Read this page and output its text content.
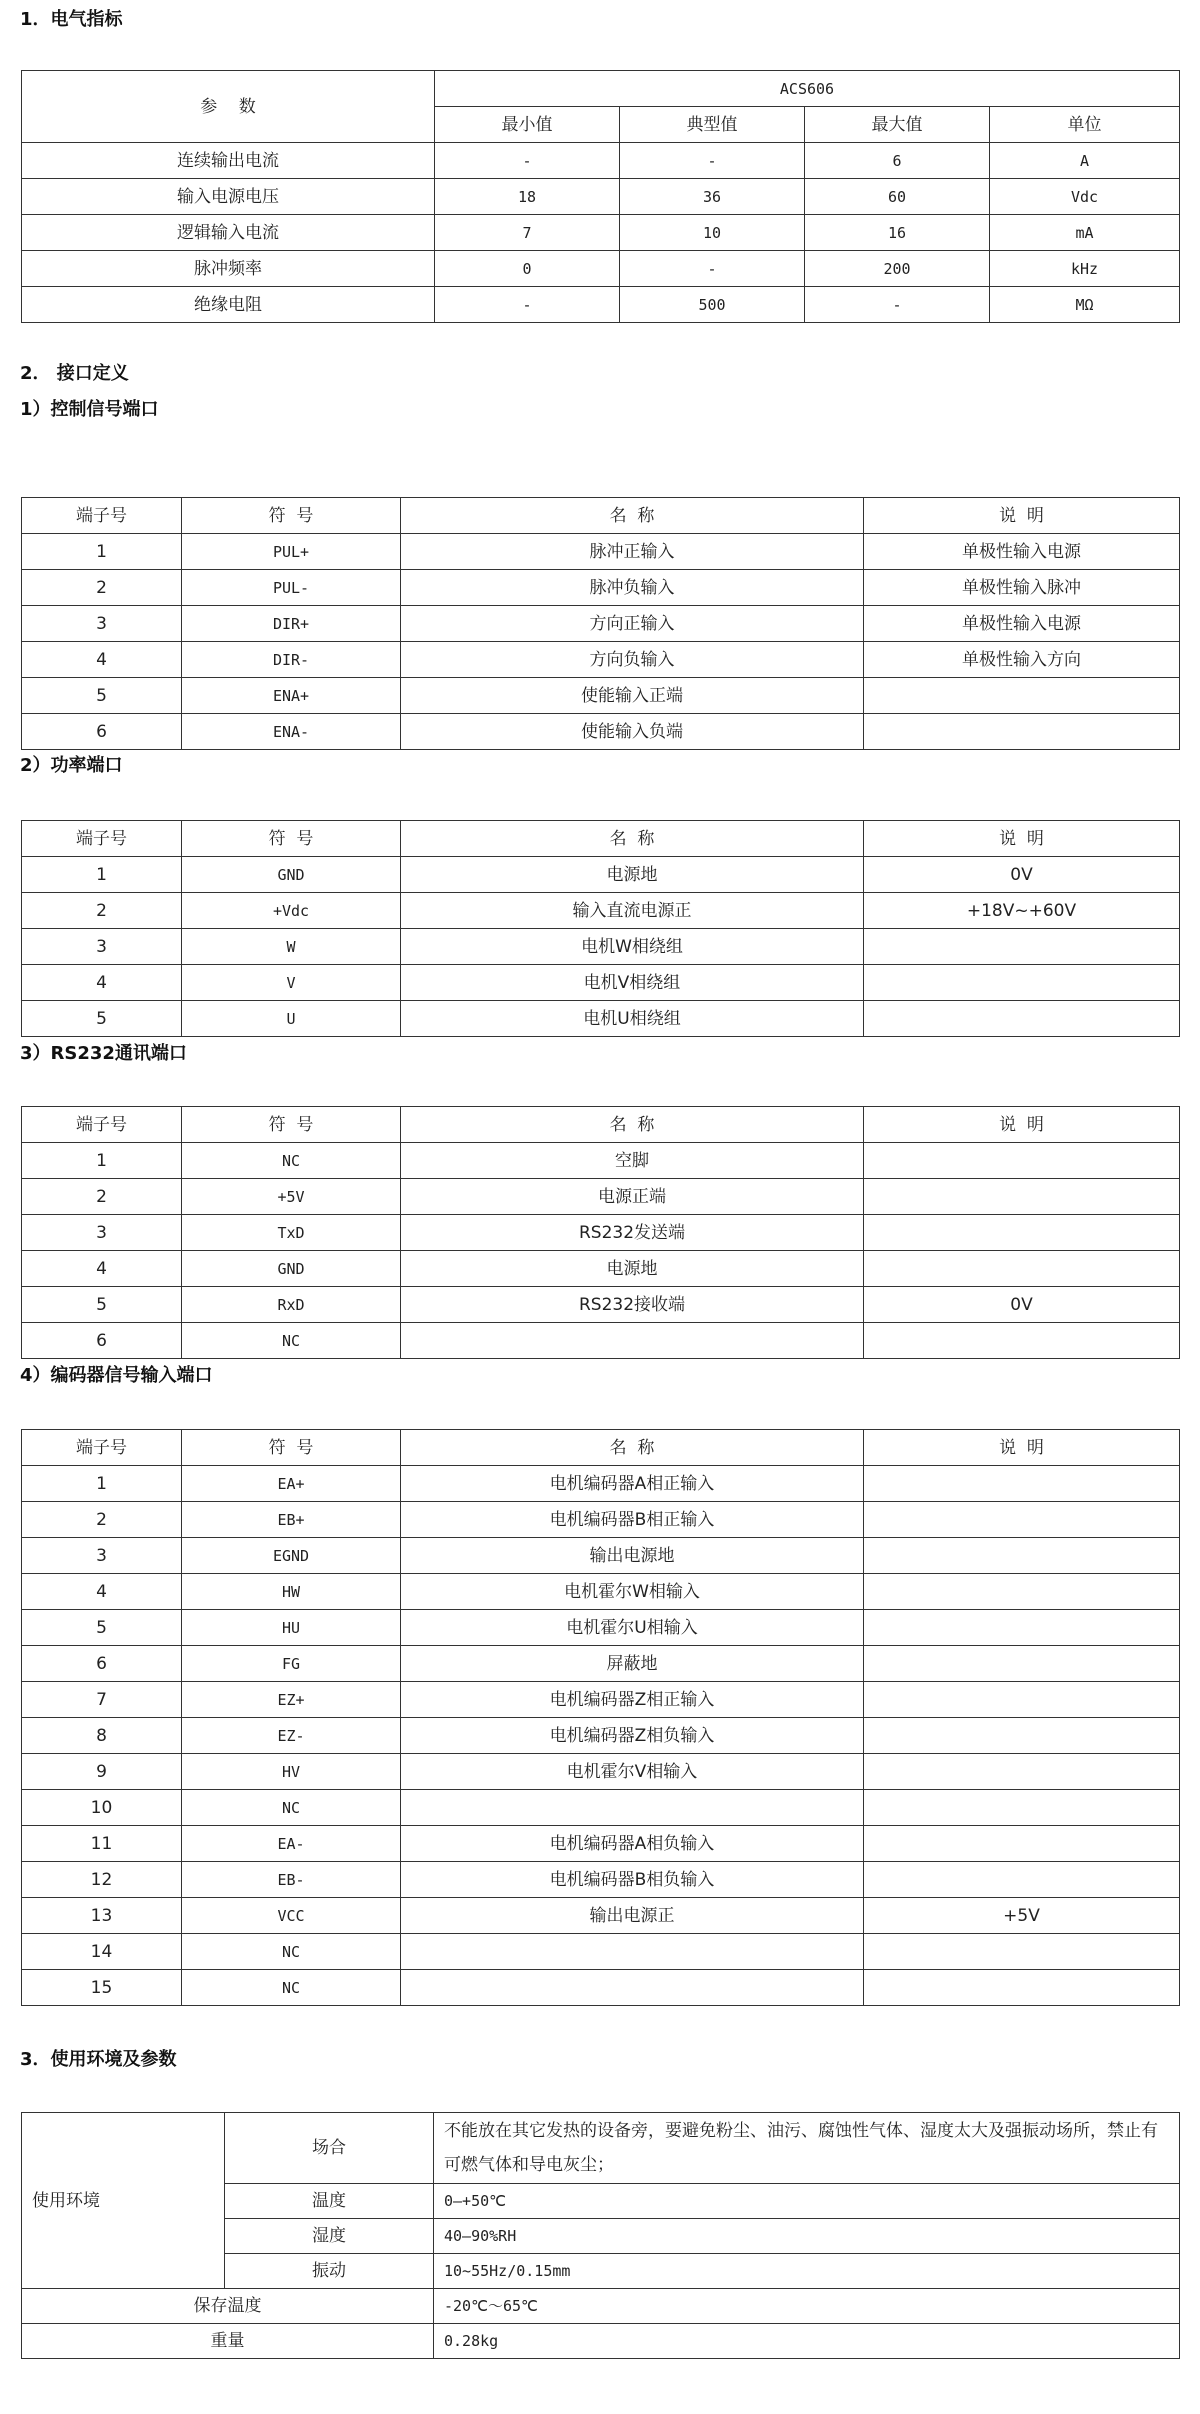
1．电气指标
参    数	ACS606			
	最小值	典型值	最大值	单位
连续输出电流	-	-	6	A
输入电源电压	18	36	60	Vdc
逻辑输入电流	7	10	16	mA
脉冲频率	0	-	200	kHz
绝缘电阻	-	500	-	MΩ
2． 接口定义
1）控制信号端口
端子号	符  号	名  称	说  明
1	PUL+	脉冲正输入	单极性输入电源
2	PUL-	脉冲负输入	单极性输入脉冲
3	DIR+	方向正输入	单极性输入电源
4	DIR-	方向负输入	单极性输入方向
5	ENA+	使能输入正端	
6	ENA-	使能输入负端	
2）功率端口
端子号	符  号	名  称	说  明
1	GND	电源地	0V
2	+Vdc	输入直流电源正	+18V~+60V
3	W	电机W相绕组	
4	V	电机V相绕组	
5	U	电机U相绕组	
3）RS232通讯端口
端子号	符  号	名  称	说  明
1	NC	空脚	
2	+5V	电源正端	
3	TxD	RS232发送端	
4	GND	电源地	
5	RxD	RS232接收端	0V
6	NC		
4）编码器信号输入端口
端子号	符  号	名  称	说  明
1	EA+	电机编码器A相正输入	
2	EB+	电机编码器B相正输入	
3	EGND	输出电源地	
4	HW	电机霍尔W相输入	
5	HU	电机霍尔U相输入	
6	FG	屏蔽地	
7	EZ+	电机编码器Z相正输入	
8	EZ-	电机编码器Z相负输入	
9	HV	电机霍尔V相输入	
10	NC		
11	EA-	电机编码器A相负输入	
12	EB-	电机编码器B相负输入	
13	VCC	输出电源正	+5V
14	NC		
15	NC		
3．使用环境及参数
使用环境	场合	不能放在其它发热的设备旁，要避免粉尘、油污、腐蚀性气体、湿度太大及强振动场所，禁止有可燃气体和导电灰尘；
	温度	0—+50℃
	湿度	40—90%RH
	振动	10~55Hz/0.15mm
保存温度		-20℃～65℃
重量		0.28kg
